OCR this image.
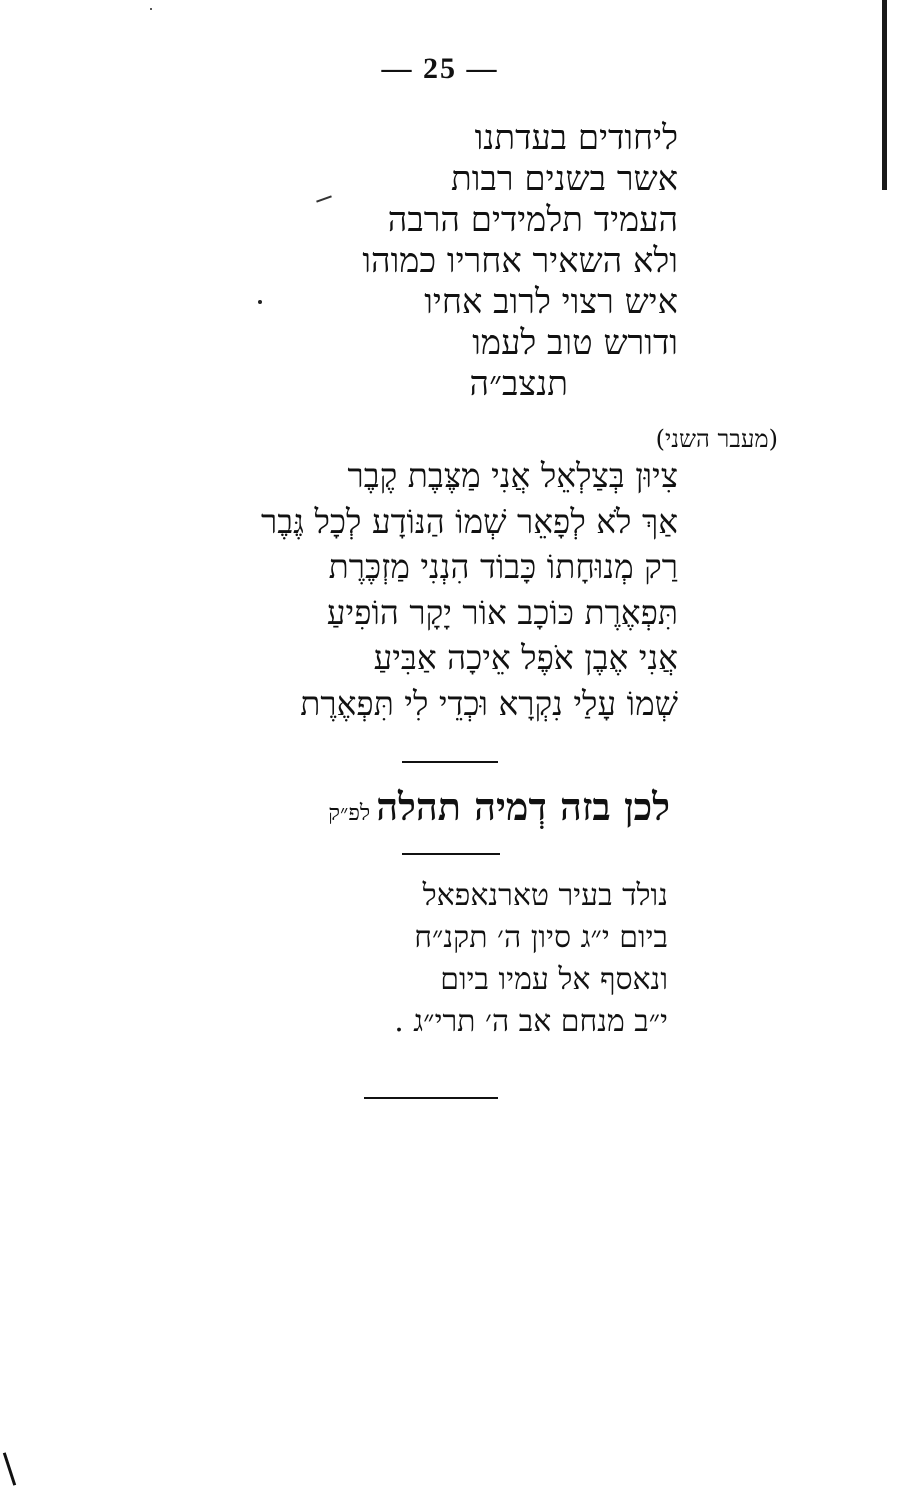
— 25 —
ליחודים בעדתנו
אשר בשנים רבות
העמיד תלמידים הרבה
ולא השאיר אחריו כמוהו
איש רצוי לרוב אחיו
ודורש טוב לעמו
תנצב״ה
(מעבר השני)
צִיוּן בְּצַלְאֵל אֲנִי מַצֶּבֶת קֶבֶר
אַךְ לֹא לְפָאֵר שְׁמוֹ הַנּוֹדָע לְכָל גֶּבֶר
רַק מְנוּחָתוֹ כָּבוֹד הִנְנִי מַזְכֶּרֶת
תִּפְאֶרֶת כּוֹכָב אוֹר יָקָר הוֹפִיעַ
אֲנִי אֶבֶן אֹפֶל אֵיכָה אַבִּיעַ
שְׁמוֹ עָלַי נִקְרָא וּכְדֵי לִי תִּפְאֶרֶת
לכן בזה דְמיה תהלהלפ״ק
נולד בעיר טארנאפאל
ביום י״ג סיון ה׳ תקנ״ח
ונאסף אל עמיו ביום
י״ב מנחם אב ה׳ תרי״ג .
